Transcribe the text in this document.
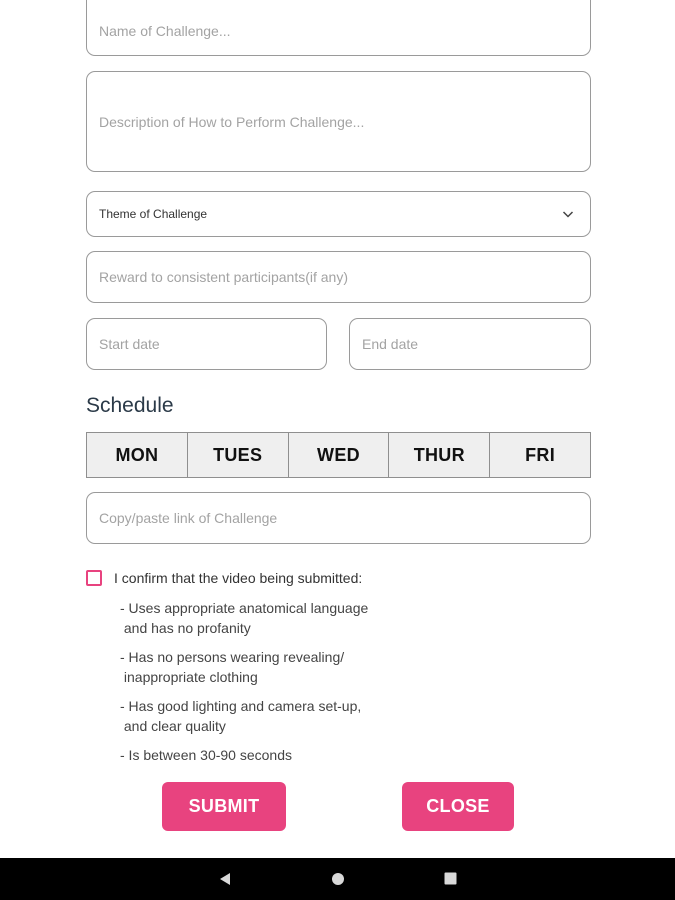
Name of Challenge...
Description of How to Perform Challenge...
Theme of Challenge
Reward to consistent participants(if any)
Start date	End date
Schedule
MON	TUES	WED	THUR	FRI
Copy/paste link of Challenge
I confirm that the video being submitted:
- Uses appropriate anatomical language
and has no profanity
- Has no persons wearing revealing/
inappropriate clothing
- Has good lighting and camera set-up,
and clear quality
- Is between 30-90 seconds
SUBMIT	CLOSE
